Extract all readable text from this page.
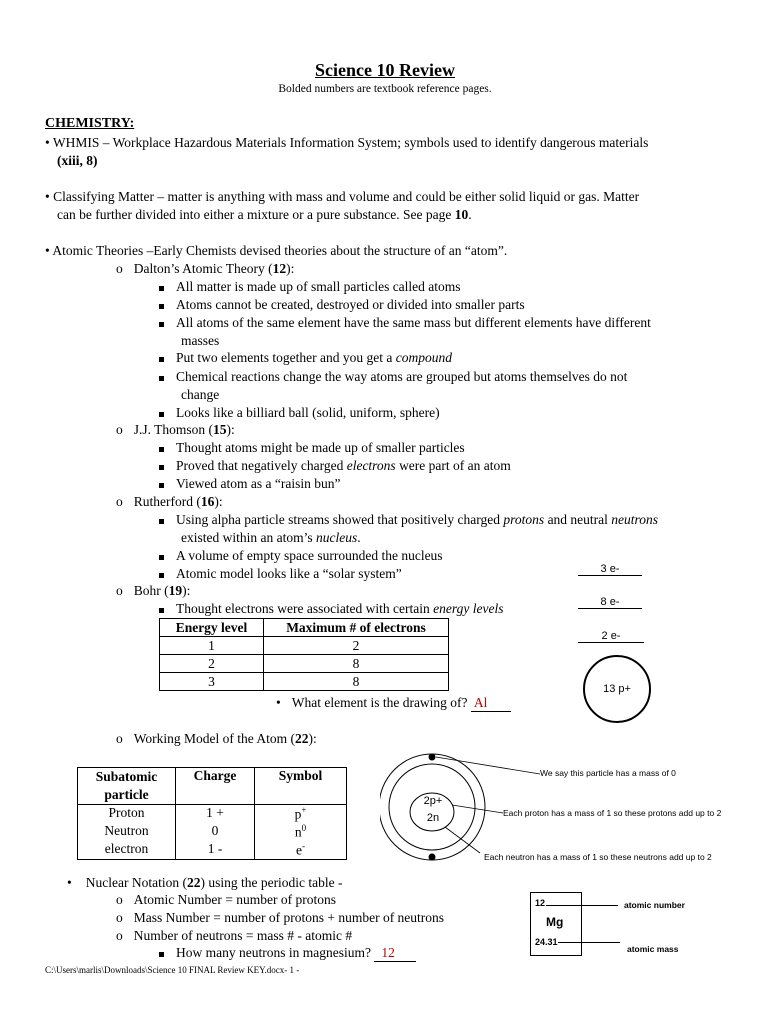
Science 10 Review
Bolded numbers are textbook reference pages.
CHEMISTRY:
• WHMIS – Workplace Hazardous Materials Information System; symbols used to identify dangerous materials
(xiii, 8)
• Classifying Matter – matter is anything with mass and volume and could be either solid liquid or gas. Matter
can be further divided into either a mixture or a pure substance. See page 10.
• Atomic Theories –Early Chemists devised theories about the structure of an “atom”.
o Dalton’s Atomic Theory (12):
All matter is made up of small particles called atoms
Atoms cannot be created, destroyed or divided into smaller parts
All atoms of the same element have the same mass but different elements have different
masses
Put two elements together and you get a compound
Chemical reactions change the way atoms are grouped but atoms themselves do not
change
Looks like a billiard ball (solid, uniform, sphere)
o J.J. Thomson (15):
Thought atoms might be made up of smaller particles
Proved that negatively charged electrons were part of an atom
Viewed atom as a “raisin bun”
o Rutherford (16):
Using alpha particle streams showed that positively charged protons and neutral neutrons
existed within an atom’s nucleus.
A volume of empty space surrounded the nucleus
Atomic model looks like a “solar system”
o Bohr (19):
Thought electrons were associated with certain energy levels
Energy level	Maximum # of electrons
1	2
2	8
3	8
• What element is the drawing of? Al
3 e-
8 e-
2 e-
13 p+
o Working Model of the Atom (22):
Subatomic particle	Charge	Symbol
Proton	1 +	p+
Neutron	0	$n^0$
electron	1 -	e-
2p+
2n
We say this particle has a mass of 0
Each proton has a mass of 1 so these protons add up to 2
Each neutron has a mass of 1 so these neutrons add up to 2
• Nuclear Notation (22) using the periodic table -
o Atomic Number = number of protons
o Mass Number = number of protons + number of neutrons
o Number of neutrons = mass # - atomic #
How many neutrons in magnesium? 12
12
Mg
24.31
atomic number
atomic mass
C:\Users\marlis\Downloads\Science 10 FINAL Review KEY.docx- 1 -
